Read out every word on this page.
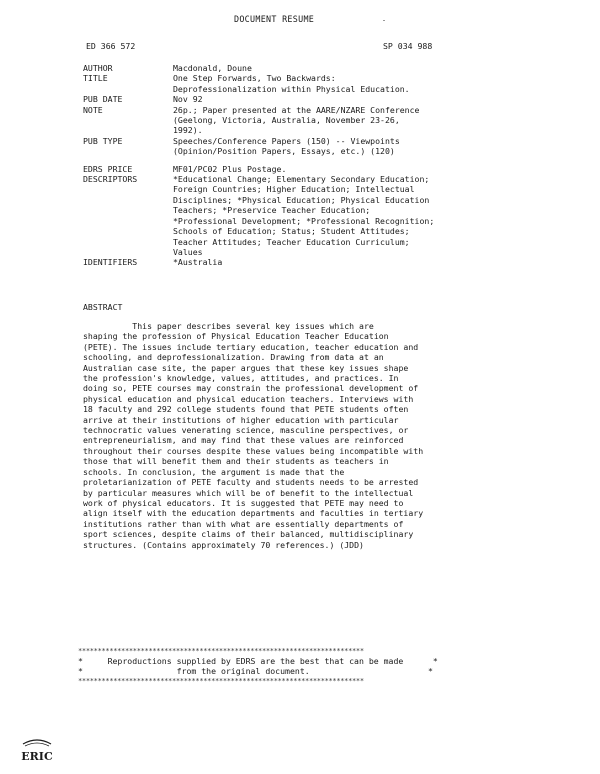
DOCUMENT RESUME
ED 366 572	SP 034 988
AUTHOR	Macdonald, Doune
TITLE	One Step Forwards, Two Backwards:
Deprofessionalization within Physical Education.
PUB DATE	Nov 92
NOTE	26p.; Paper presented at the AARE/NZARE Conference
(Geelong, Victoria, Australia, November 23-26,
1992).
PUB TYPE	Speeches/Conference Papers (150) -- Viewpoints
(Opinion/Position Papers, Essays, etc.) (120)
EDRS PRICE	MF01/PC02 Plus Postage.
DESCRIPTORS	*Educational Change; Elementary Secondary Education;
Foreign Countries; Higher Education; Intellectual
Disciplines; *Physical Education; Physical Education
Teachers; *Preservice Teacher Education;
*Professional Development; *Professional Recognition;
Schools of Education; Status; Student Attitudes;
Teacher Attitudes; Teacher Education Curriculum;
Values
IDENTIFIERS	*Australia
ABSTRACT
This paper describes several key issues which are
shaping the profession of Physical Education Teacher Education
(PETE). The issues include tertiary education, teacher education and
schooling, and deprofessionalization. Drawing from data at an
Australian case site, the paper argues that these key issues shape
the profession's knowledge, values, attitudes, and practices. In
doing so, PETE courses may constrain the professional development of
physical education and physical education teachers. Interviews with
18 faculty and 292 college students found that PETE students often
arrive at their institutions of higher education with particular
technocratic values venerating science, masculine perspectives, or
entrepreneurialism, and may find that these values are reinforced
throughout their courses despite these values being incompatible with
those that will benefit them and their students as teachers in
schools. In conclusion, the argument is made that the
proletarianization of PETE faculty and students needs to be arrested
by particular measures which will be of benefit to the intellectual
work of physical educators. It is suggested that PETE may need to
align itself with the education departments and faculties in tertiary
institutions rather than with what are essentially departments of
sport sciences, despite claims of their balanced, multidisciplinary
structures. (Contains approximately 70 references.) (JDD)
*************************************************************************
*     Reproductions supplied by EDRS are the best that can be made      *
*                   from the original document.                        *
*************************************************************************
ERIC
